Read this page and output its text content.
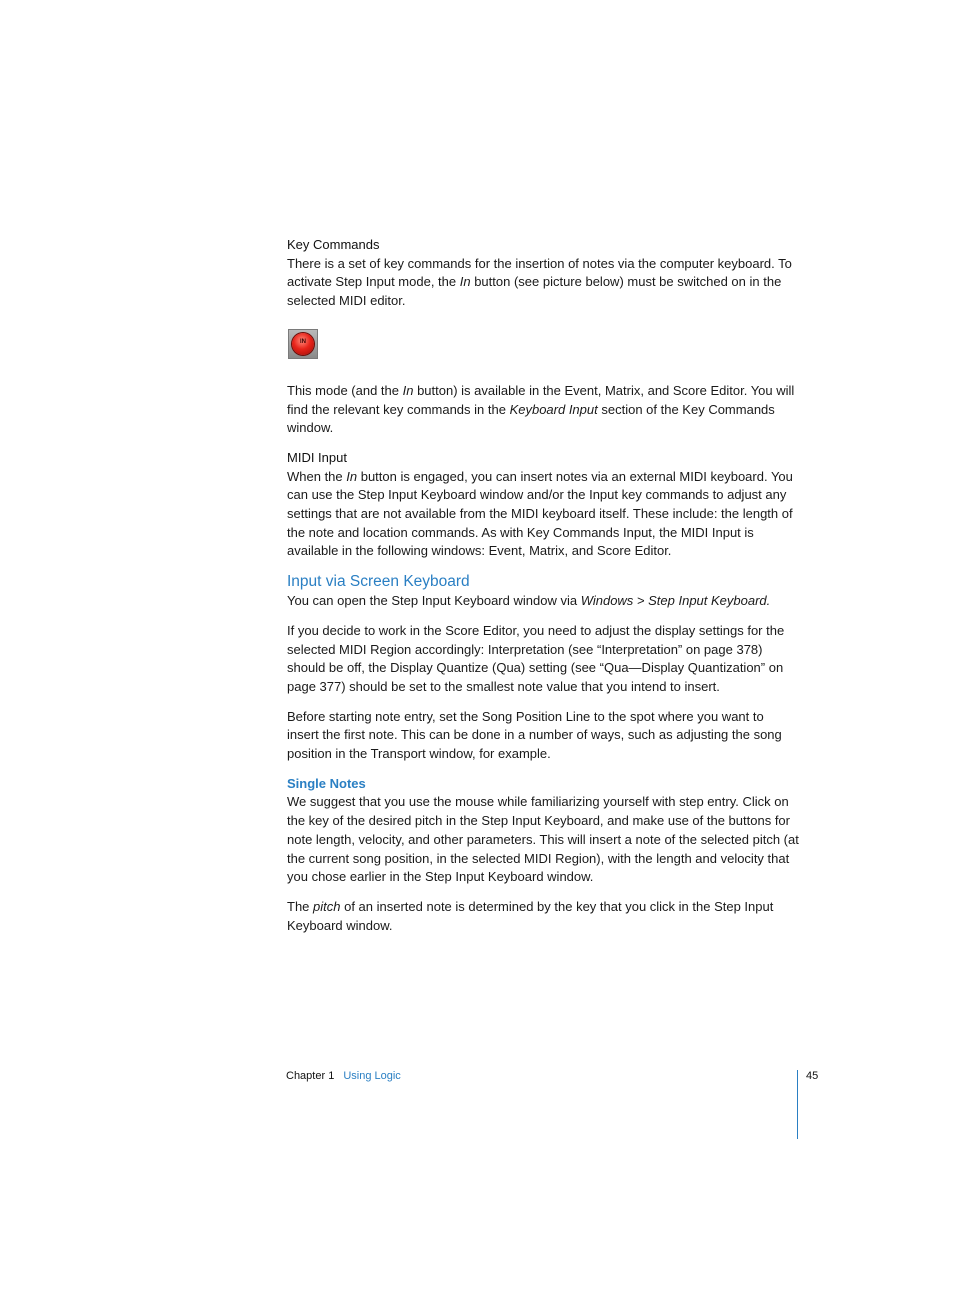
Key Commands

There is a set of key commands for the insertion of notes via the computer keyboard. To activate Step Input mode, the In button (see picture below) must be switched on in the selected MIDI editor.

IN

This mode (and the In button) is available in the Event, Matrix, and Score Editor. You will find the relevant key commands in the Keyboard Input section of the Key Commands window.

MIDI Input

When the In button is engaged, you can insert notes via an external MIDI keyboard. You can use the Step Input Keyboard window and/or the Input key commands to adjust any settings that are not available from the MIDI keyboard itself. These include: the length of the note and location commands. As with Key Commands Input, the MIDI Input is available in the following windows: Event, Matrix, and Score Editor.

Input via Screen Keyboard

You can open the Step Input Keyboard window via Windows > Step Input Keyboard.

If you decide to work in the Score Editor, you need to adjust the display settings for the selected MIDI Region accordingly: Interpretation (see “Interpretation” on page 378) should be off, the Display Quantize (Qua) setting (see “Qua—Display Quantization” on page 377) should be set to the smallest note value that you intend to insert.

Before starting note entry, set the Song Position Line to the spot where you want to insert the first note. This can be done in a number of ways, such as adjusting the song position in the Transport window, for example.

Single Notes

We suggest that you use the mouse while familiarizing yourself with step entry. Click on the key of the desired pitch in the Step Input Keyboard, and make use of the buttons for note length, velocity, and other parameters. This will insert a note of the selected pitch (at the current song position, in the selected MIDI Region), with the length and velocity that you chose earlier in the Step Input Keyboard window.

The pitch of an inserted note is determined by the key that you click in the Step Input Keyboard window.

Chapter 1 Using Logic	45
